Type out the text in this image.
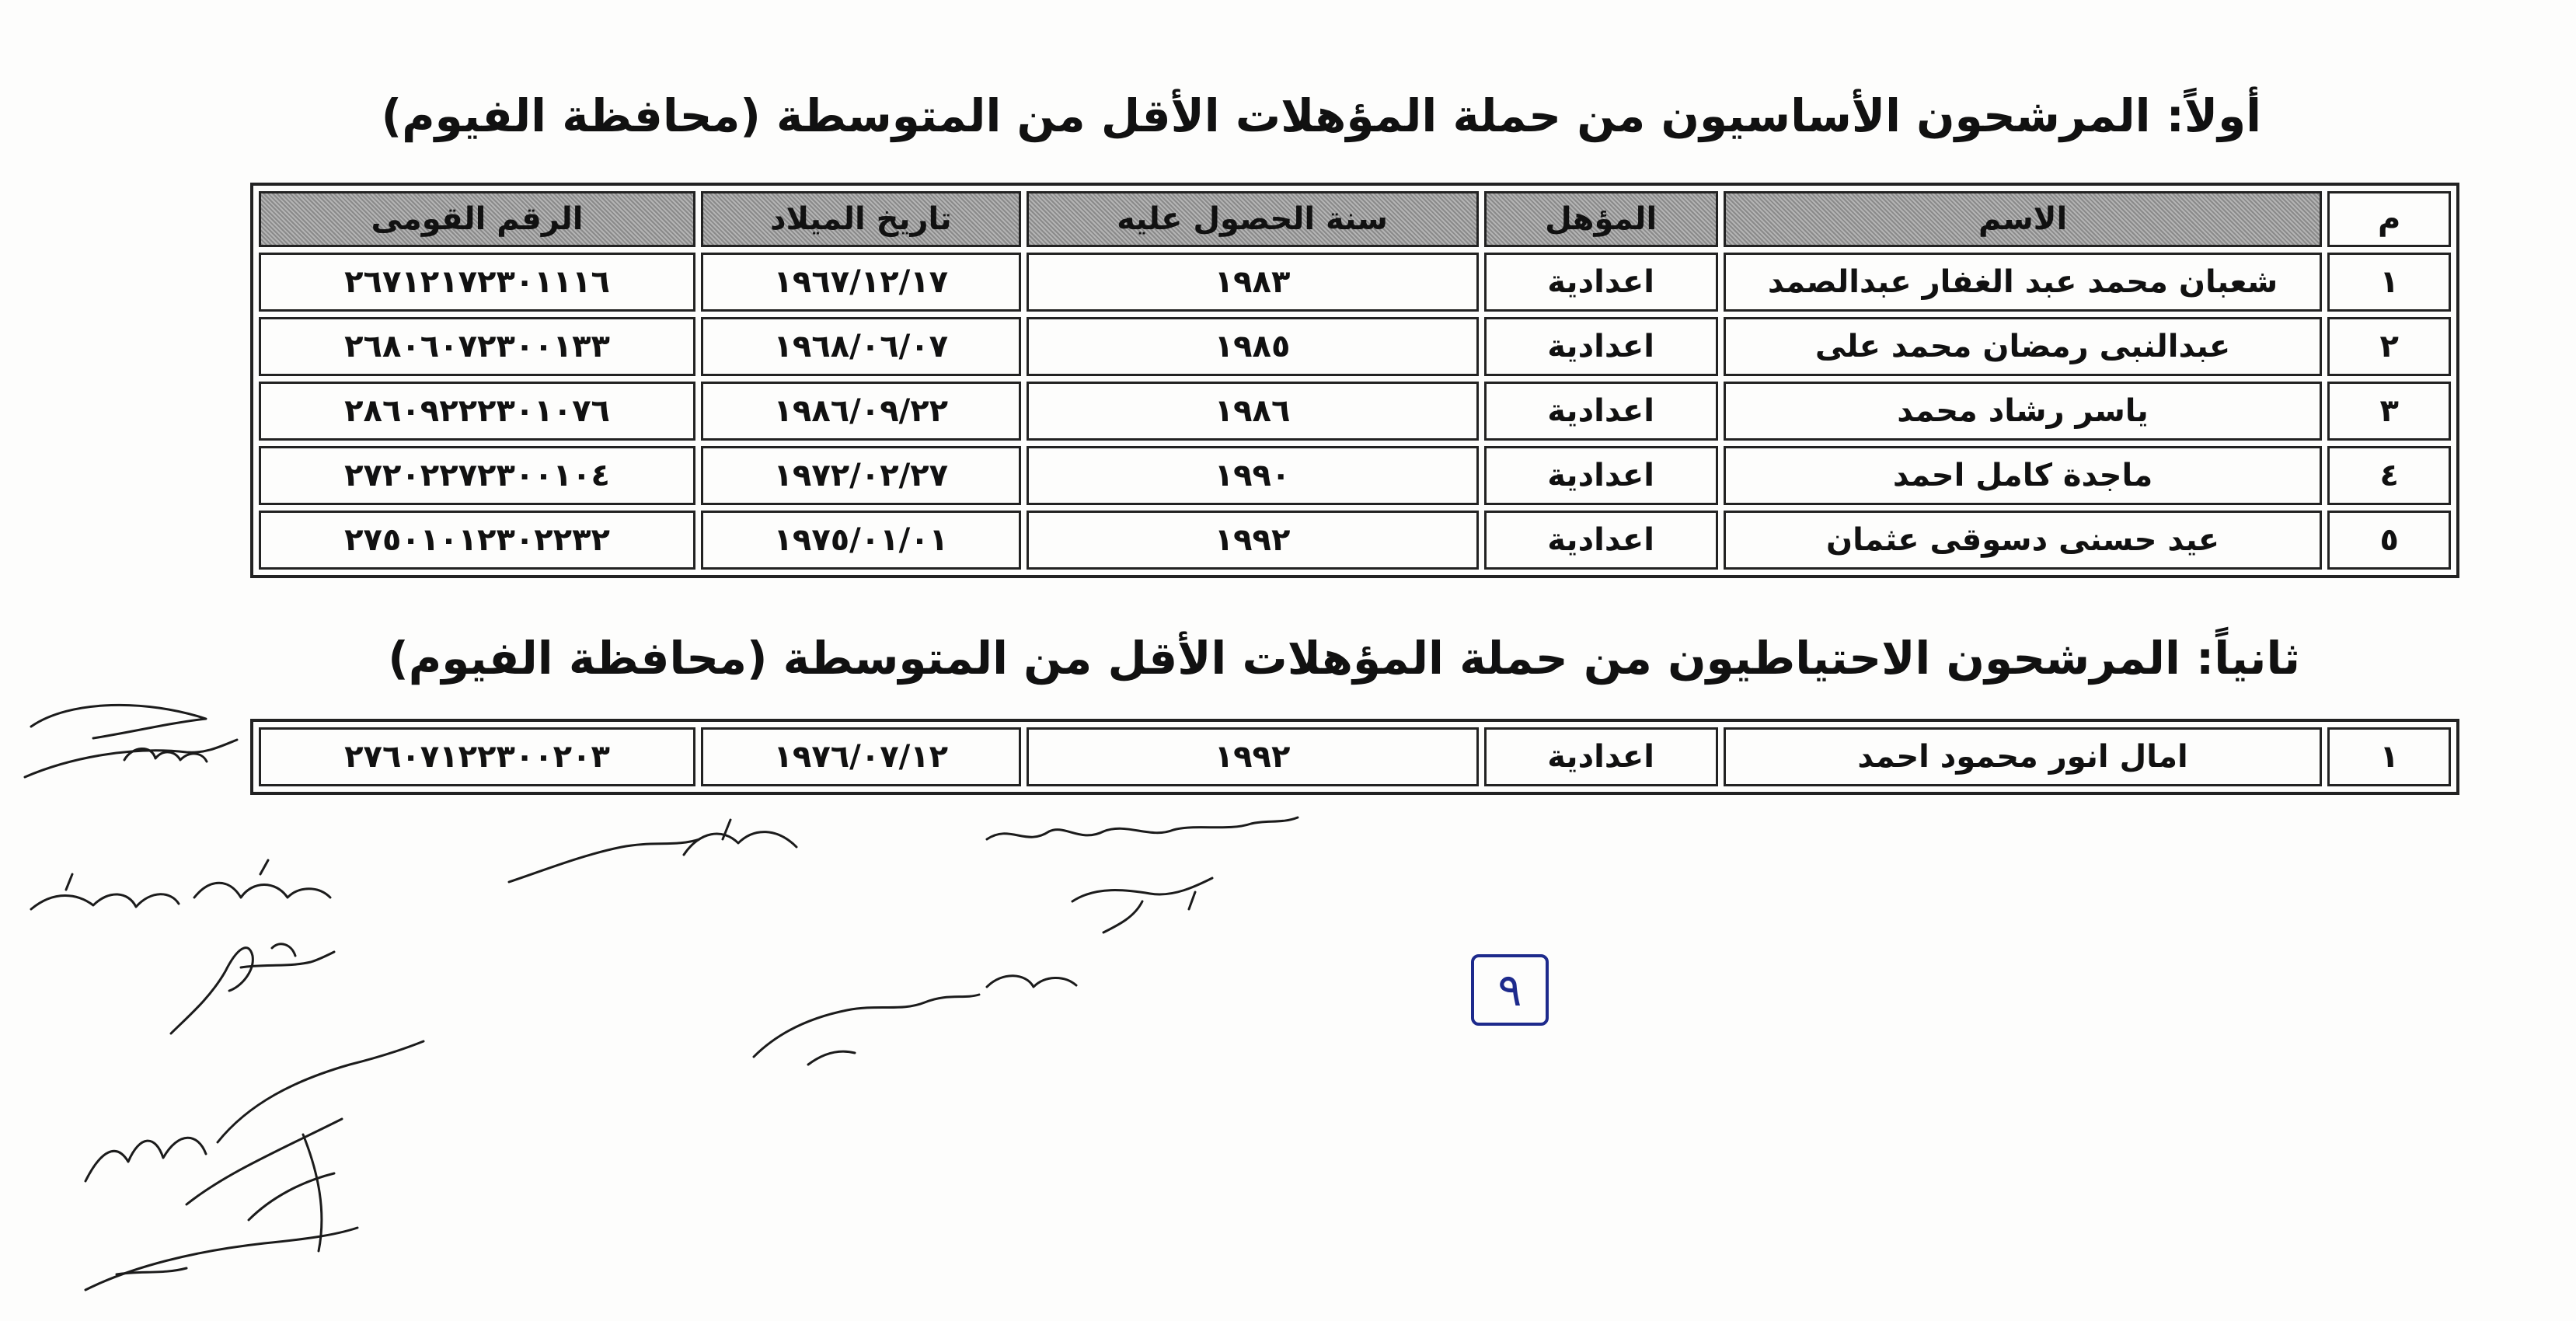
أولاً: المرشحون الأساسيون من حملة المؤهلات الأقل من المتوسطة (محافظة الفيوم)
م	الاسم	المؤهل	سنة الحصول عليه	تاريخ الميلاد	الرقم القومى
١	شعبان محمد عبد الغفار عبدالصمد	اعدادية	١٩٨٣	١٩٦٧/١٢/١٧	٢٦٧١٢١٧٢٣٠١١١٦
٢	عبدالنبى رمضان محمد على	اعدادية	١٩٨٥	١٩٦٨/٠٦/٠٧	٢٦٨٠٦٠٧٢٣٠٠١٣٣
٣	ياسر رشاد محمد	اعدادية	١٩٨٦	١٩٨٦/٠٩/٢٢	٢٨٦٠٩٢٢٢٣٠١٠٧٦
٤	ماجدة كامل احمد	اعدادية	١٩٩٠	١٩٧٢/٠٢/٢٧	٢٧٢٠٢٢٧٢٣٠٠١٠٤
٥	عيد حسنى دسوقى عثمان	اعدادية	١٩٩٢	١٩٧٥/٠١/٠١	٢٧٥٠١٠١٢٣٠٢٢٣٢
ثانياً: المرشحون الاحتياطيون من حملة المؤهلات الأقل من المتوسطة (محافظة الفيوم)
١	امال انور محمود احمد	اعدادية	١٩٩٢	١٩٧٦/٠٧/١٢	٢٧٦٠٧١٢٢٣٠٠٢٠٣
٩
